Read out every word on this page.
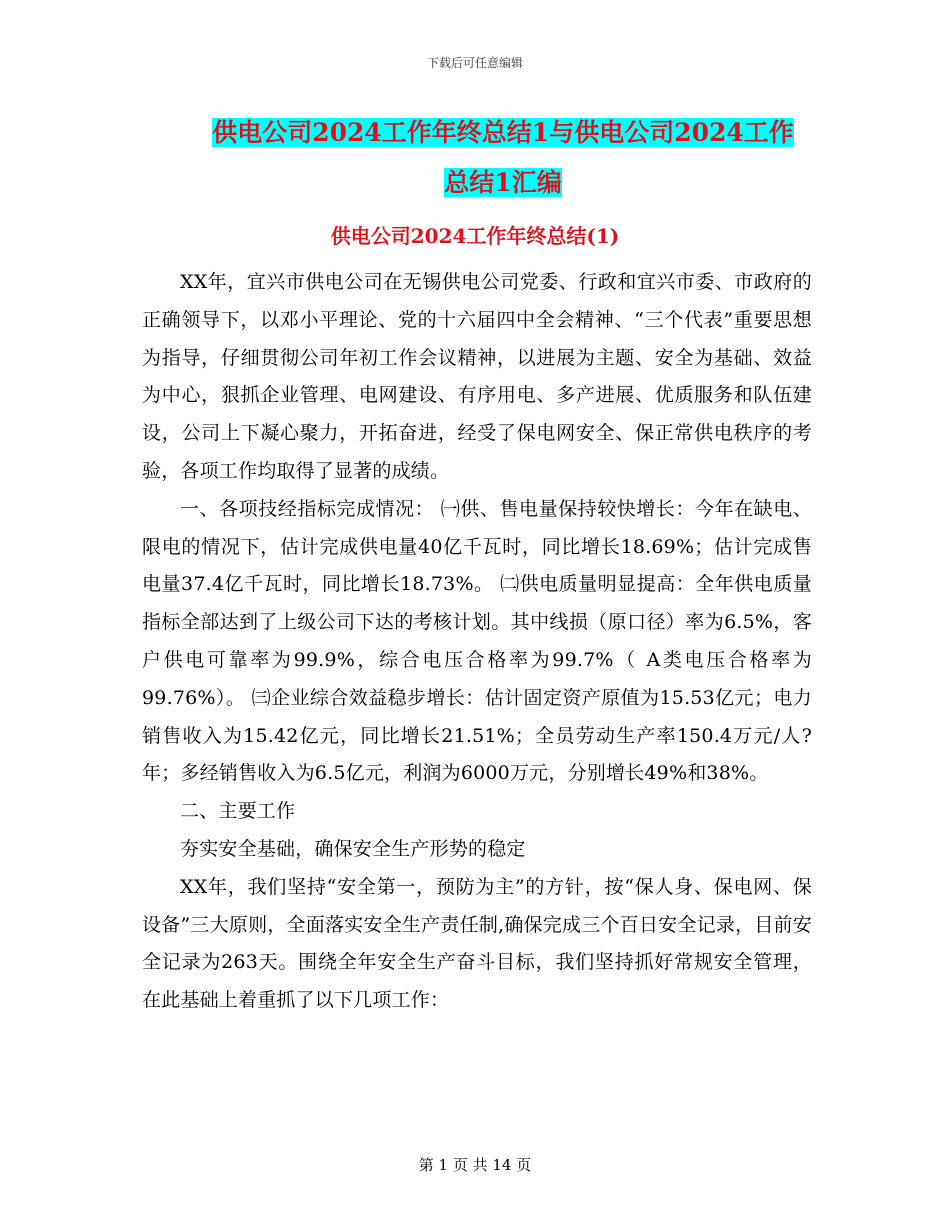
下载后可任意编辑
供电公司2024工作年终总结1与供电公司2024工作
总结1汇编
供电公司2024工作年终总结(1)

XX年，宜兴市供电公司在无锡供电公司党委、行政和宜兴市委、市政府的正确领导下，以邓小平理论、党的十六届四中全会精神、“三个代表”重要思想为指导，仔细贯彻公司年初工作会议精神，以进展为主题、安全为基础、效益为中心，狠抓企业管理、电网建设、有序用电、多产进展、优质服务和队伍建设，公司上下凝心聚力，开拓奋进，经受了保电网安全、保正常供电秩序的考验，各项工作均取得了显著的成绩。

一、各项技经指标完成情况： ㈠供、售电量保持较快增长：今年在缺电、限电的情况下，估计完成供电量40亿千瓦时，同比增长18.69%；估计完成售电量37.4亿千瓦时，同比增长18.73%。 ㈡供电质量明显提高：全年供电质量指标全部达到了上级公司下达的考核计划。其中线损（原口径）率为6.5%，客户供电可靠率为99.9%，综合电压合格率为99.7%（ A类电压合格率为99.76%）。 ㈢企业综合效益稳步增长：估计固定资产原值为15.53亿元；电力销售收入为15.42亿元，同比增长21.51%；全员劳动生产率150.4万元/人?年；多经销售收入为6.5亿元，利润为6000万元，分别增长49%和38%。

二、主要工作

夯实安全基础，确保安全生产形势的稳定

XX年，我们坚持“安全第一，预防为主”的方针，按“保人身、保电网、保设备”三大原则，全面落实安全生产责任制,确保完成三个百日安全记录，目前安全记录为263天。围绕全年安全生产奋斗目标，我们坚持抓好常规安全管理，在此基础上着重抓了以下几项工作：

第 1 页 共 14 页
